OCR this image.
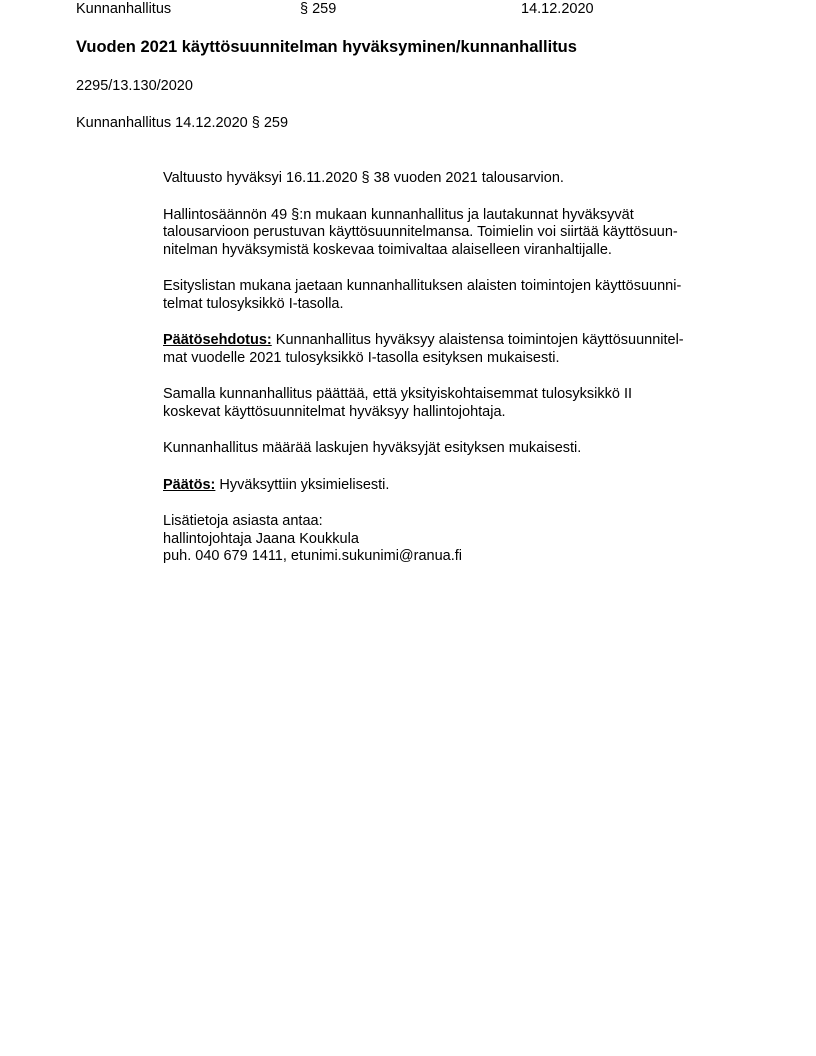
Kunnanhallitus	§ 259	14.12.2020
Vuoden 2021 käyttösuunnitelman hyväksyminen/kunnanhallitus
2295/13.130/2020
Kunnanhallitus 14.12.2020 § 259

Valtuusto hyväksyi 16.11.2020 § 38 vuoden 2021 talousarvion.

Hallintosäännön 49 §:n mukaan kunnanhallitus ja lautakunnat hyväksyvät
talousarvioon perustuvan käyttösuunnitelmansa. Toimielin voi siirtää käyttösuun-
nitelman hyväksymistä koskevaa toimivaltaa alaiselleen viranhaltijalle.

Esityslistan mukana jaetaan kunnanhallituksen alaisten toimintojen käyttösuunni-
telmat tulosyksikkö I-tasolla.

Päätösehdotus: Kunnanhallitus hyväksyy alaistensa toimintojen käyttösuunnitel-
mat vuodelle 2021 tulosyksikkö I-tasolla esityksen mukaisesti.

Samalla kunnanhallitus päättää, että yksityiskohtaisemmat tulosyksikkö II
koskevat käyttösuunnitelmat hyväksyy hallintojohtaja.

Kunnanhallitus määrää laskujen hyväksyjät esityksen mukaisesti.

Päätös: Hyväksyttiin yksimielisesti.

Lisätietoja asiasta antaa:
hallintojohtaja Jaana Koukkula
puh. 040 679 1411, etunimi.sukunimi@ranua.fi
